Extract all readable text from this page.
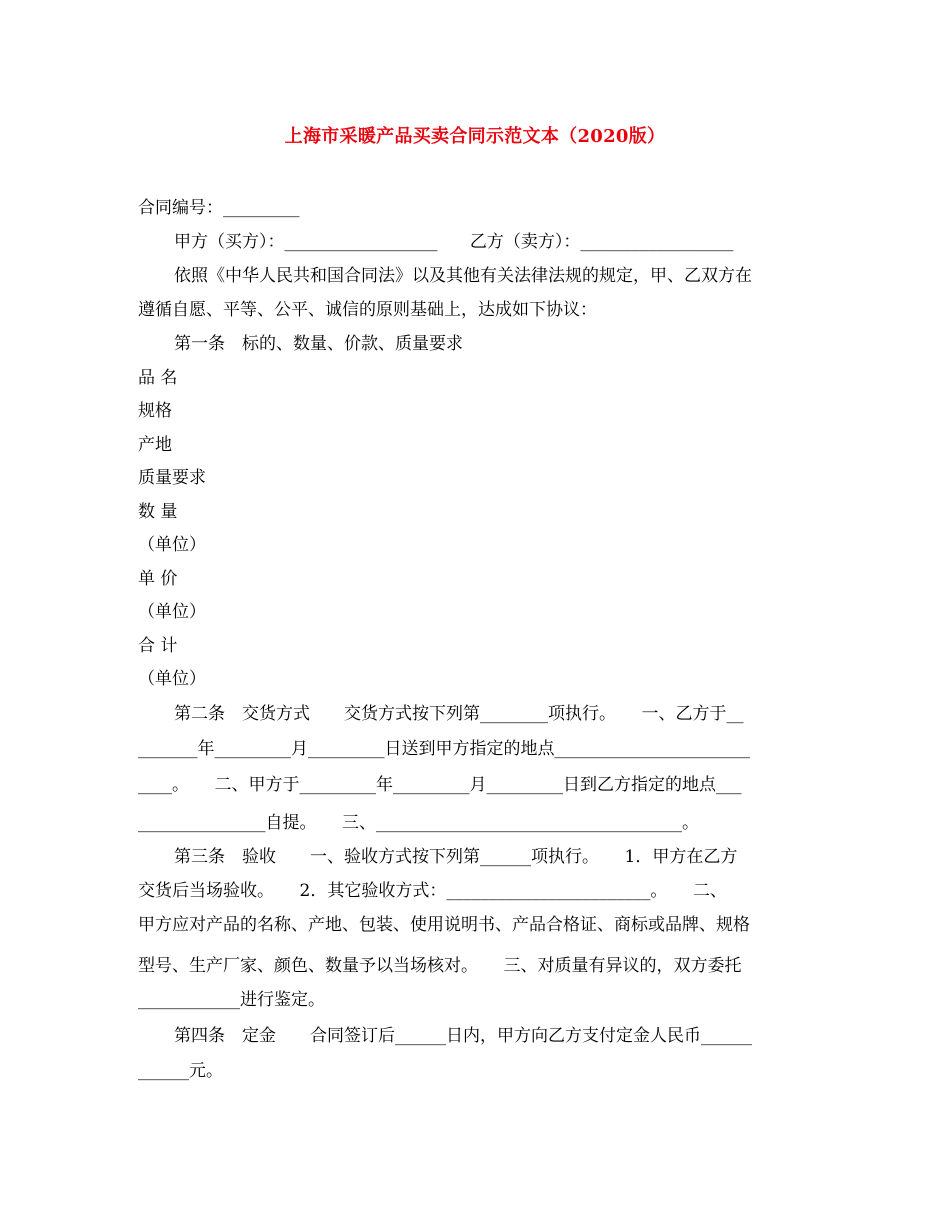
上海市采暖产品买卖合同示范文本（2020版）
合同编号：_________
甲方（买方）：__________________      乙方（卖方）：__________________
依照《中华人民共和国合同法》以及其他有关法律法规的规定，甲、乙双方在
遵循自愿、平等、公平、诚信的原则基础上，达成如下协议：
第一条　标的、数量、价款、质量要求
品 名
规格
产地
质量要求
数 量
（单位）
单 价
（单位）
合 计
（单位）
第二条　交货方式　　交货方式按下列第________项执行。　　一、乙方于__
_______年_________月_________日送到甲方指定的地点_______________________
____。　　二、甲方于_________年_________月_________日到乙方指定的地点___
_______________自提。　　三、____________________________________。
第三条　验收　　一、验收方式按下列第______项执行。　　1．甲方在乙方
交货后当场验收。　　2．其它验收方式：________________________。　　二、
甲方应对产品的名称、产地、包装、使用说明书、产品合格证、商标或品牌、规格
型号、生产厂家、颜色、数量予以当场核对。　　三、对质量有异议的，双方委托
____________进行鉴定。
第四条　定金　　合同签订后______日内，甲方向乙方支付定金人民币______
______元。
